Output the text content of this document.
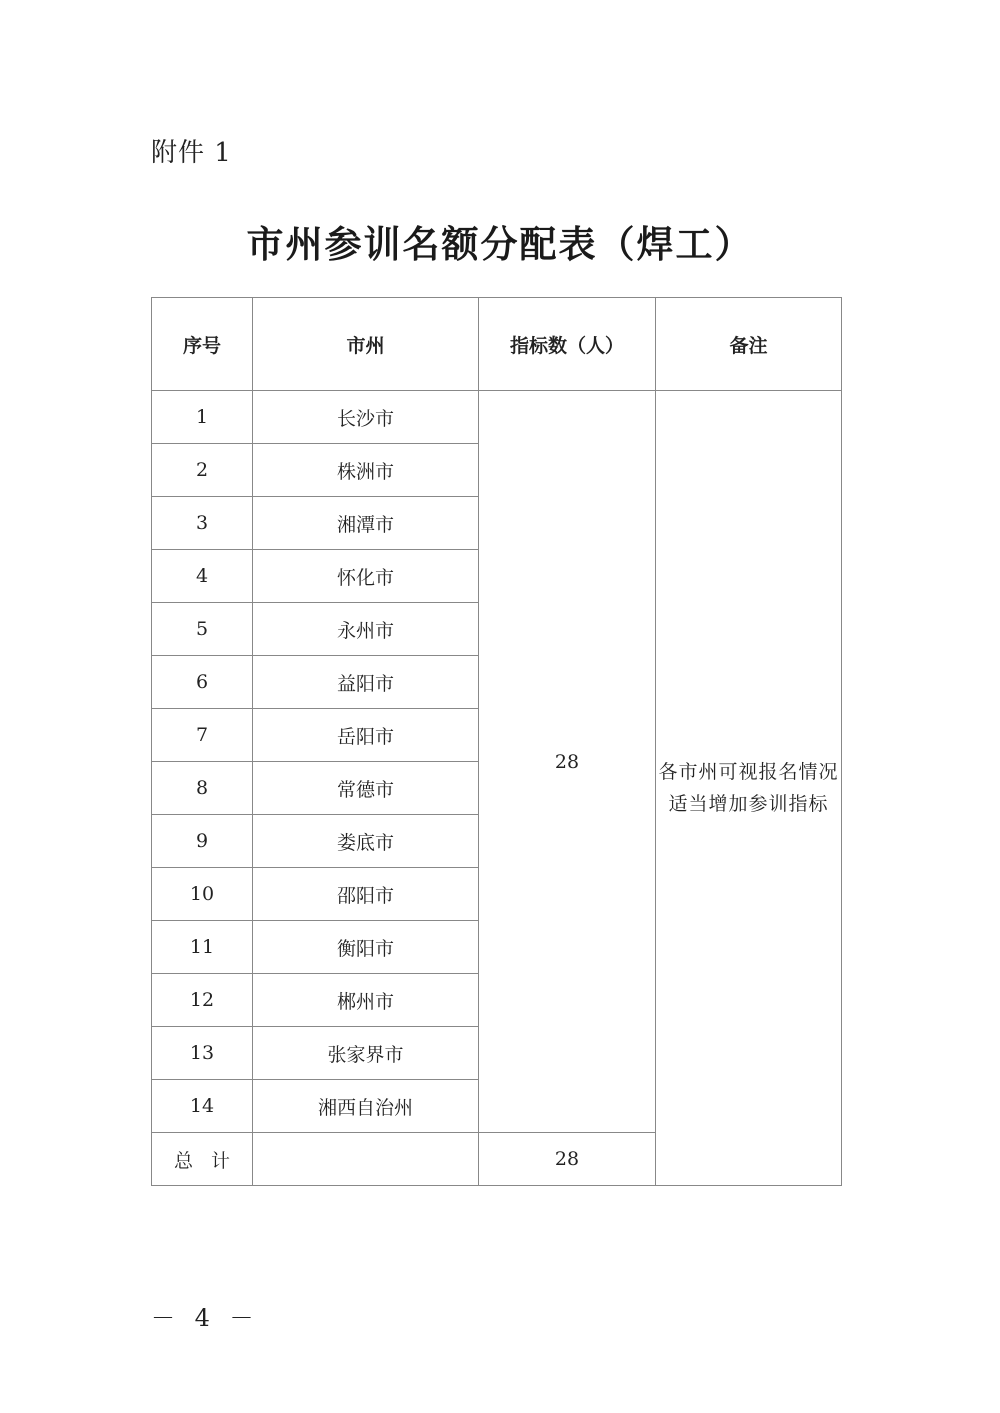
附件 1
市州参训名额分配表（焊工）
序号	市州	指标数（人）	备注
1	长沙市	28	各市州可视报名情况
适当增加参训指标

2	株洲市		
3	湘潭市		
4	怀化市		
5	永州市		
6	益阳市		
7	岳阳市		
8	常德市		
9	娄底市		
10	邵阳市		
11	衡阳市		
12	郴州市		
13	张家界市		
14	湘西自治州		
总计		28	
－ 4 －
